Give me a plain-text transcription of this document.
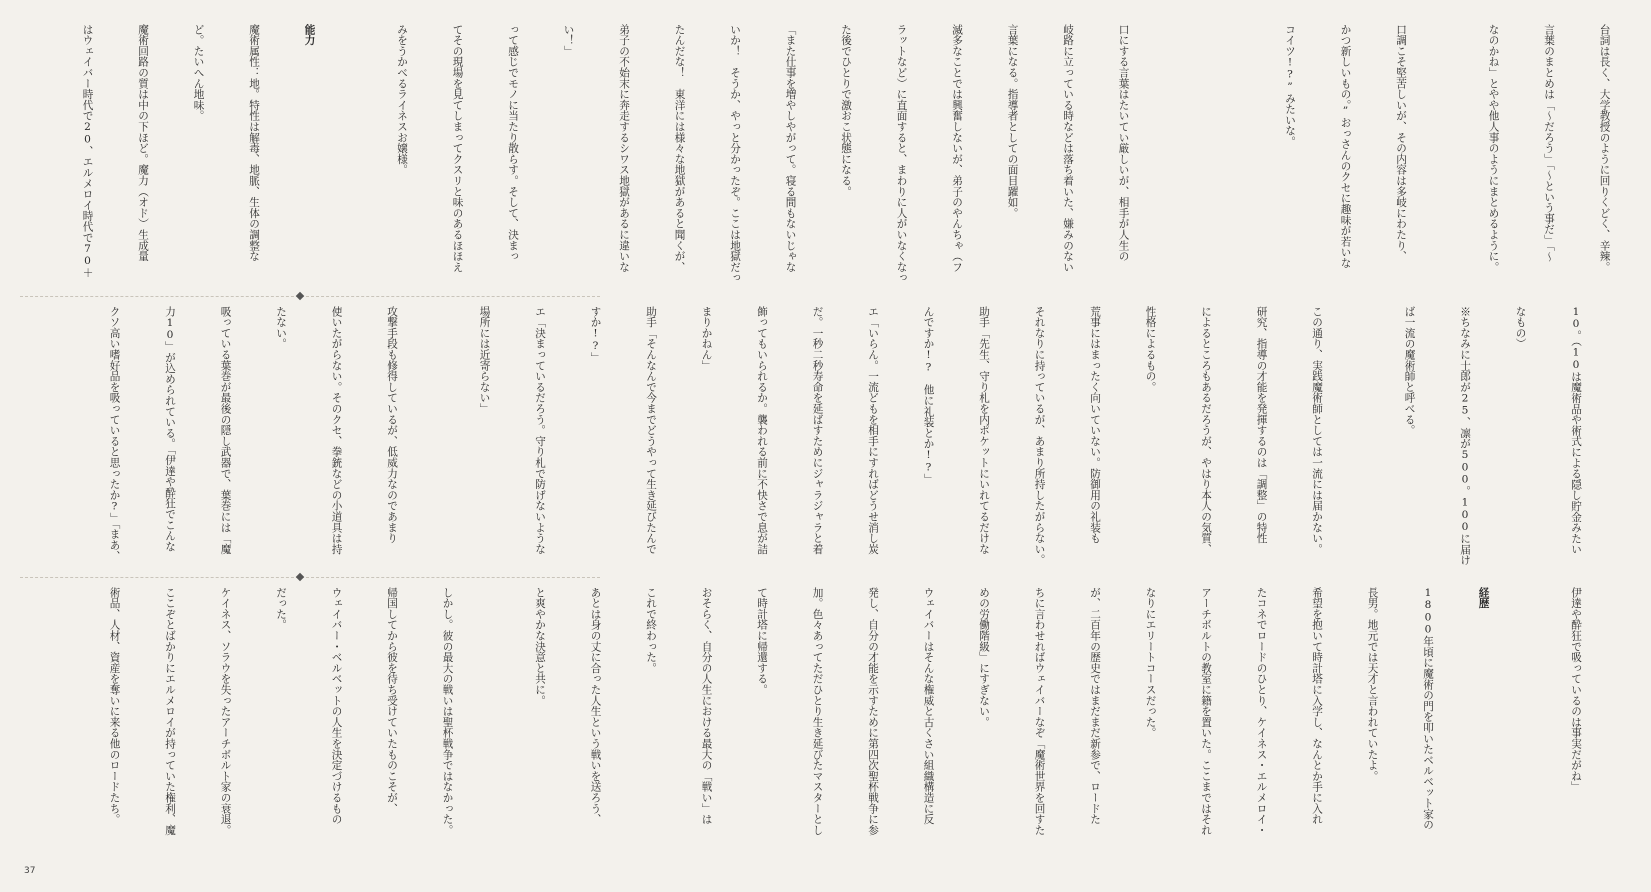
台詞は長く、大学教授のように回りくどく、辛辣。

言葉のまとめは「～だろう」「～という事だ」「～

なのかね」とやや他人事のようにまとめるように。

口調こそ堅苦しいが、その内容は多岐にわたり、

かつ新しいもの。”おっさんのクセに趣味が若いな

コイツ!?”みたいな。

口にする言葉はたいてい厳しいが、相手が人生の

岐路に立っている時などは落ち着いた、嫌みのない

言葉になる。指導者としての面目躍如。

滅多なことでは興奮しないが、弟子のやんちゃ（フ

ラットなど）に直面すると、まわりに人がいなくなっ

た後でひとりで激おこ状態になる。

「また仕事を増やしやがって。寝る間もないじゃな

いか！　そうか、やっと分かったぞ。ここは地獄だっ

たんだな！　東洋には様々な地獄があると聞くが、

弟子の不始末に奔走するシワス地獄があるに違いな

い！」

って感じでモノに当たり散らす。そして、決まっ

てその現場を見てしまってクスリと味のあるほほえ

みをうかべるライネスお嬢様。

能力

魔術属性：地。特性は解毒、地脈、生体の調整な

ど。たいへん地味。

魔術回路の質は中の下ほど。魔力（オド）生成量

はウェイバー時代で20、エルメロイ時代で70＋

10。（10は魔術品や術式による隠し貯金みたい

なもの）

※ちなみに士郎が25、凛が500。100に届け

ば一流の魔術師と呼べる。

この通り、実践魔術師としては一流には届かない。

研究、指導の才能を発揮するのは「調整」の特性

によるところもあるだろうが、やはり本人の気質、

性格によるもの。

荒事にはまったく向いていない。防御用の礼装も

それなりに持っているが、あまり所持したがらない。

助手「先生、守り札を内ポケットにいれてるだけな

んですか!?　他に礼装とか!?」

エ「いらん。一流どもを相手にすればどうせ消し炭

だ。一秒二秒寿命を延ばすためにジャラジャラと着

飾ってもいられるか。襲われる前に不快さで息が詰

まりかねん」

助手「そんなんで今までどうやって生き延びたんで

すか!?」

エ「決まっているだろう。守り札で防げないような

場所には近寄らない」

攻撃手段も修得しているが、低威力なのであまり

使いたがらない。そのクセ、拳銃などの小道具は持

たない。

吸っている葉巻が最後の隠し武器で、葉巻には「魔

力10」が込められている。「伊達や酔狂でこんな

クソ高い嗜好品を吸っていると思ったか?」「まあ、

伊達や酔狂で吸っているのは事実だがね」

経歴

1800年頃に魔術の門を叩いたベルベット家の

長男。地元では天才と言われていたよ。

希望を抱いて時計塔に入学し、なんとか手に入れ

たコネでロードのひとり、ケイネス・エルメロイ・

アーチボルトの教室に籍を置いた。ここまではそれ

なりにエリートコースだった。

が、二百年の歴史ではまだまだ新参で、ロードた

ちに言わせればウェイバーなぞ「魔術世界を回すた

めの労働階級」にすぎない。

ウェイバーはそんな権威と古くさい組織構造に反

発し、自分の才能を示すために第四次聖杯戦争に参

加。色々あってただひとり生き延びたマスターとし

て時計塔に帰還する。

おそらく、自分の人生における最大の「戦い」は

これで終わった。

あとは身の丈に合った人生という戦いを送ろう、

と爽やかな決意と共に。

しかし。彼の最大の戦いは聖杯戦争ではなかった。

帰国してから彼を待ち受けていたものこそが、

ウェイバー・ベルベットの人生を決定づけるもの

だった。

ケイネス、ソラウを失ったアーチボルト家の衰退。

ここぞとばかりにエルメロイが持っていた権利、魔

術品、人材、資産を奪いに来る他のロードたち。

37
